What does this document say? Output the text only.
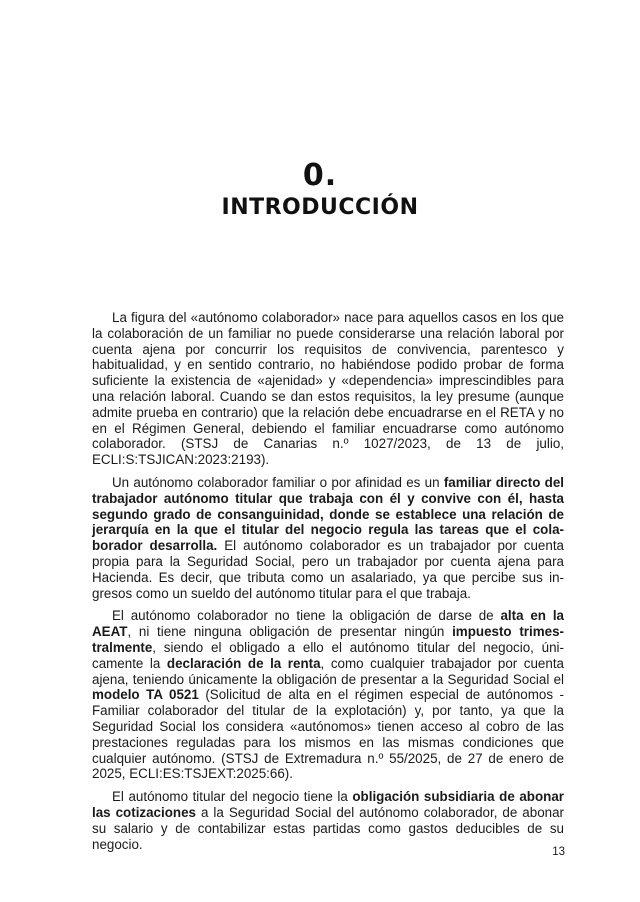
0.
INTRODUCCIÓN

La figura del «autónomo colaborador» nace para aquellos casos en los que la colaboración de un familiar no puede considerarse una relación laboral por cuenta ajena por concurrir los requisitos de convivencia, parentesco y habitualidad, y en sentido contrario, no habiéndose podido probar de forma suficiente la existencia de «ajenidad» y «dependencia» imprescindibles para una relación laboral. Cuando se dan estos requisitos, la ley presume (aunque admite prueba en contrario) que la relación debe encuadrarse en el RETA y no en el Régimen General, debiendo el familiar encuadrarse como autónomo colaborador. (STSJ de Canarias n.º 1027/2023, de 13 de julio, ECLI:S:TSJICAN:2023:2193).

Un autónomo colaborador familiar o por afinidad es un familiar directo del trabajador autónomo titular que trabaja con él y convive con él, hasta segundo grado de consanguinidad, donde se establece una relación de jerarquía en la que el titular del negocio regula las tareas que el colaborador desarrolla. El autónomo colaborador es un trabajador por cuenta propia para la Seguridad Social, pero un trabajador por cuenta ajena para Hacienda. Es decir, que tributa como un asalariado, ya que percibe sus ingresos como un sueldo del autónomo titular para el que trabaja.

El autónomo colaborador no tiene la obligación de darse de alta en la AEAT, ni tiene ninguna obligación de presentar ningún impuesto trimestralmente, siendo el obligado a ello el autónomo titular del negocio, únicamente la declaración de la renta, como cualquier trabajador por cuenta ajena, teniendo únicamente la obligación de presentar a la Seguridad Social el modelo TA 0521 (Solicitud de alta en el régimen especial de autónomos - Familiar colaborador del titular de la explotación) y, por tanto, ya que la Seguridad Social los considera «autónomos» tienen acceso al cobro de las prestaciones reguladas para los mismos en las mismas condiciones que cualquier autónomo. (STSJ de Extremadura n.º 55/2025, de 27 de enero de 2025, ECLI:ES:TSJEXT:2025:66).

El autónomo titular del negocio tiene la obligación subsidiaria de abonar las cotizaciones a la Seguridad Social del autónomo colaborador, de abonar su salario y de contabilizar estas partidas como gastos deducibles de su negocio.

13
